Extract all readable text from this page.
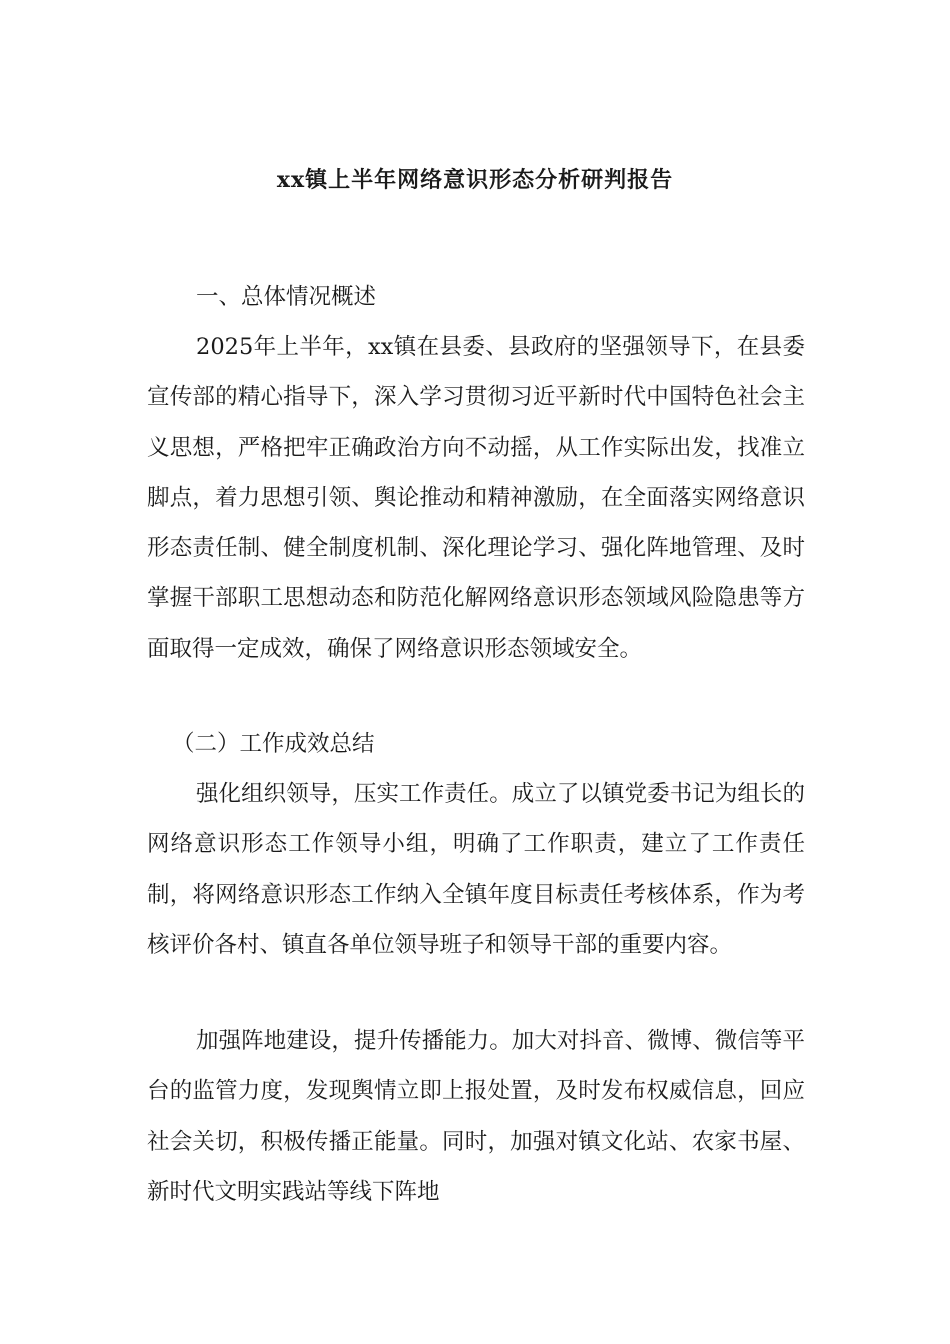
xx镇上半年网络意识形态分析研判报告
一、总体情况概述
2025年上半年，xx镇在县委、县政府的坚强领导下，在县委宣传部的精心指导下，深入学习贯彻习近平新时代中国特色社会主义思想，严格把牢正确政治方向不动摇，从工作实际出发，找准立脚点，着力思想引领、舆论推动和精神激励，在全面落实网络意识形态责任制、健全制度机制、深化理论学习、强化阵地管理、及时掌握干部职工思想动态和防范化解网络意识形态领域风险隐患等方面取得一定成效，确保了网络意识形态领域安全。
（二）工作成效总结
强化组织领导，压实工作责任。成立了以镇党委书记为组长的网络意识形态工作领导小组，明确了工作职责，建立了工作责任制，将网络意识形态工作纳入全镇年度目标责任考核体系，作为考核评价各村、镇直各单位领导班子和领导干部的重要内容。
加强阵地建设，提升传播能力。加大对抖音、微博、微信等平台的监管力度，发现舆情立即上报处置，及时发布权威信息，回应社会关切，积极传播正能量。同时，加强对镇文化站、农家书屋、新时代文明实践站等线下阵地
